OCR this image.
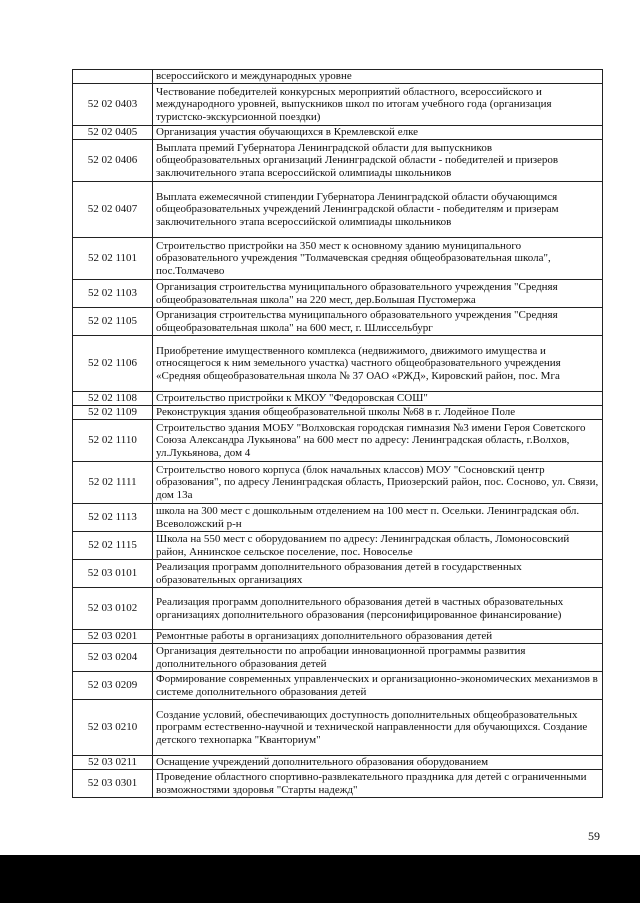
	всероссийского и международных уровне
52 02 0403	Чествование победителей конкурсных мероприятий областного, всероссийского и международного уровней, выпускников школ по итогам учебного года (организация туристско-экскурсионной поездки)
52 02 0405	Организация участия обучающихся в Кремлевской елке
52 02 0406	Выплата премий Губернатора Ленинградской области для выпускников общеобразовательных организаций Ленинградской области - победителей и призеров заключительного этапа всероссийской олимпиады школьников
52 02 0407	Выплата ежемесячной стипендии Губернатора Ленинградской области обучающимся общеобразовательных учреждений Ленинградской области - победителям и призерам заключительного этапа всероссийской олимпиады школьников
52 02 1101	Строительство пристройки на 350 мест к основному зданию муниципального образовательного учреждения "Толмачевская средняя общеобразовательная школа", пос.Толмачево
52 02 1103	Организация строительства муниципального образовательного учреждения "Средняя общеобразовательная школа" на 220 мест, дер.Большая Пустомержа
52 02 1105	Организация строительства муниципального образовательного учреждения "Средняя общеобразовательная школа" на 600 мест, г. Шлиссельбург
52 02 1106	Приобретение имущественного комплекса (недвижимого, движимого имущества и относящегося к ним земельного участка) частного общеобразовательного учреждения «Средняя общеобразовательная школа № 37 ОАО «РЖД», Кировский район, пос. Мга
52 02 1108	Строительство пристройки к МКОУ "Федоровская СОШ"
52 02 1109	Реконструкция здания общеобразовательной школы №68 в г. Лодейное Поле
52 02 1110	Строительство здания МОБУ "Волховская городская гимназия №3 имени Героя Советского Союза Александра Лукьянова" на 600 мест по адресу: Ленинградская область, г.Волхов, ул.Лукьянова, дом 4
52 02 1111	Строительство нового корпуса (блок начальных классов) МОУ "Сосновский центр образования", по адресу Ленинградская область, Приозерский район, пос. Сосново, ул. Связи, дом 13а
52 02 1113	школа на 300 мест с дошкольным отделением на 100 мест п. Осельки. Ленинградская обл. Всеволожский р-н
52 02 1115	Школа на 550 мест с оборудованием по адресу: Ленинградская область, Ломоносовский район, Аннинское сельское поселение, пос. Новоселье
52 03 0101	Реализация программ дополнительного образования детей в государственных образовательных организациях
52 03 0102	Реализация программ дополнительного образования детей в частных образовательных организациях дополнительного образования (персонифицированное финансирование)
52 03 0201	Ремонтные работы в организациях дополнительного образования детей
52 03 0204	Организация деятельности по апробации инновационной программы развития дополнительного образования детей
52 03 0209	Формирование современных управленческих и организационно-экономических механизмов в системе дополнительного образования детей
52 03 0210	Создание условий, обеспечивающих доступность дополнительных общеобразовательных программ естественно-научной и технической направленности для обучающихся. Создание детского технопарка "Кванториум"
52 03 0211	Оснащение учреждений дополнительного образования оборудованием
52 03 0301	Проведение областного спортивно-развлекательного праздника для детей с ограниченными возможностями здоровья "Старты надежд"
59
